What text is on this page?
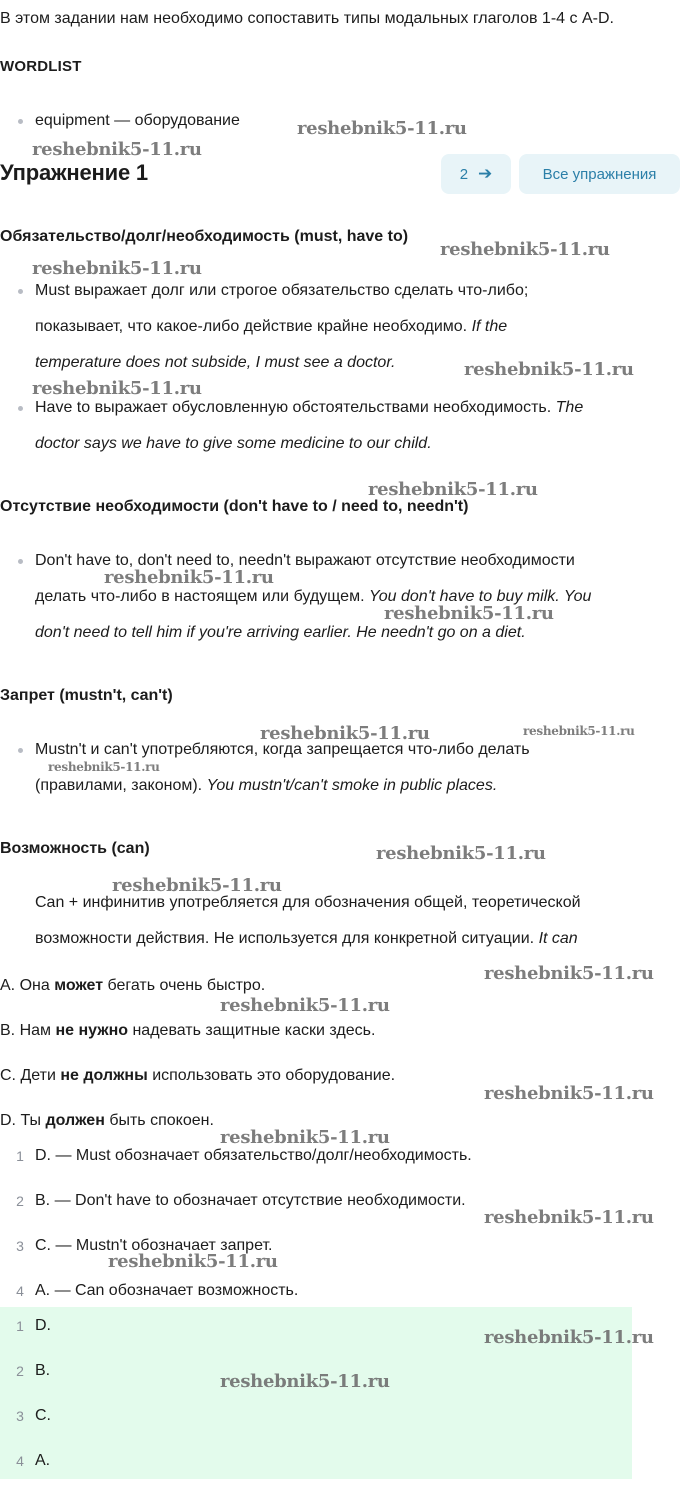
В этом задании нам необходимо сопоставить типы модальных глаголов 1-4 с A-D.
WORDLIST
equipment — оборудование
Упражнение 1	2 ➔	Все упражнения
Обязательство/долг/необходимость (must, have to)
Must выражает долг или строгое обязательство сделать что-либо;
показывает, что какое-либо действие крайне необходимо. If the
temperature does not subside, I must see a doctor.
Have to выражает обусловленную обстоятельствами необходимость. The
doctor says we have to give some medicine to our child.
Отсутствие необходимости (don't have to / need to, needn't)
Don't have to, don't need to, needn't выражают отсутствие необходимости
делать что-либо в настоящем или будущем. You don't have to buy milk. You
don't need to tell him if you're arriving earlier. He needn't go on a diet.
Запрет (mustn't, can't)
Mustn't и can't употребляются, когда запрещается что-либо делать
(правилами, законом). You mustn't/can't smoke in public places.
Возможность (can)
Can + инфинитив употребляется для обозначения общей, теоретической
возможности действия. Не используется для конкретной ситуации. It can
A. Она может бегать очень быстро.
B. Нам не нужно надевать защитные каски здесь.
C. Дети не должны использовать это оборудование.
D. Ты должен быть спокоен.
1 D. — Must обозначает обязательство/долг/необходимость.
2 B. — Don't have to обозначает отсутствие необходимости.
3 C. — Mustn't обозначает запрет.
4 A. — Can обозначает возможность.
1 D.
2 B.
3 C.
4 A.
reshebnik5-11.ru
reshebnik5-11.ru
reshebnik5-11.ru
reshebnik5-11.ru
reshebnik5-11.ru
reshebnik5-11.ru
reshebnik5-11.ru
reshebnik5-11.ru
reshebnik5-11.ru
reshebnik5-11.ru	reshebnik5-11.ru
reshebnik5-11.ru
reshebnik5-11.ru
reshebnik5-11.ru
reshebnik5-11.ru
reshebnik5-11.ru
reshebnik5-11.ru
reshebnik5-11.ru
reshebnik5-11.ru
reshebnik5-11.ru
reshebnik5-11.ru
reshebnik5-11.ru
